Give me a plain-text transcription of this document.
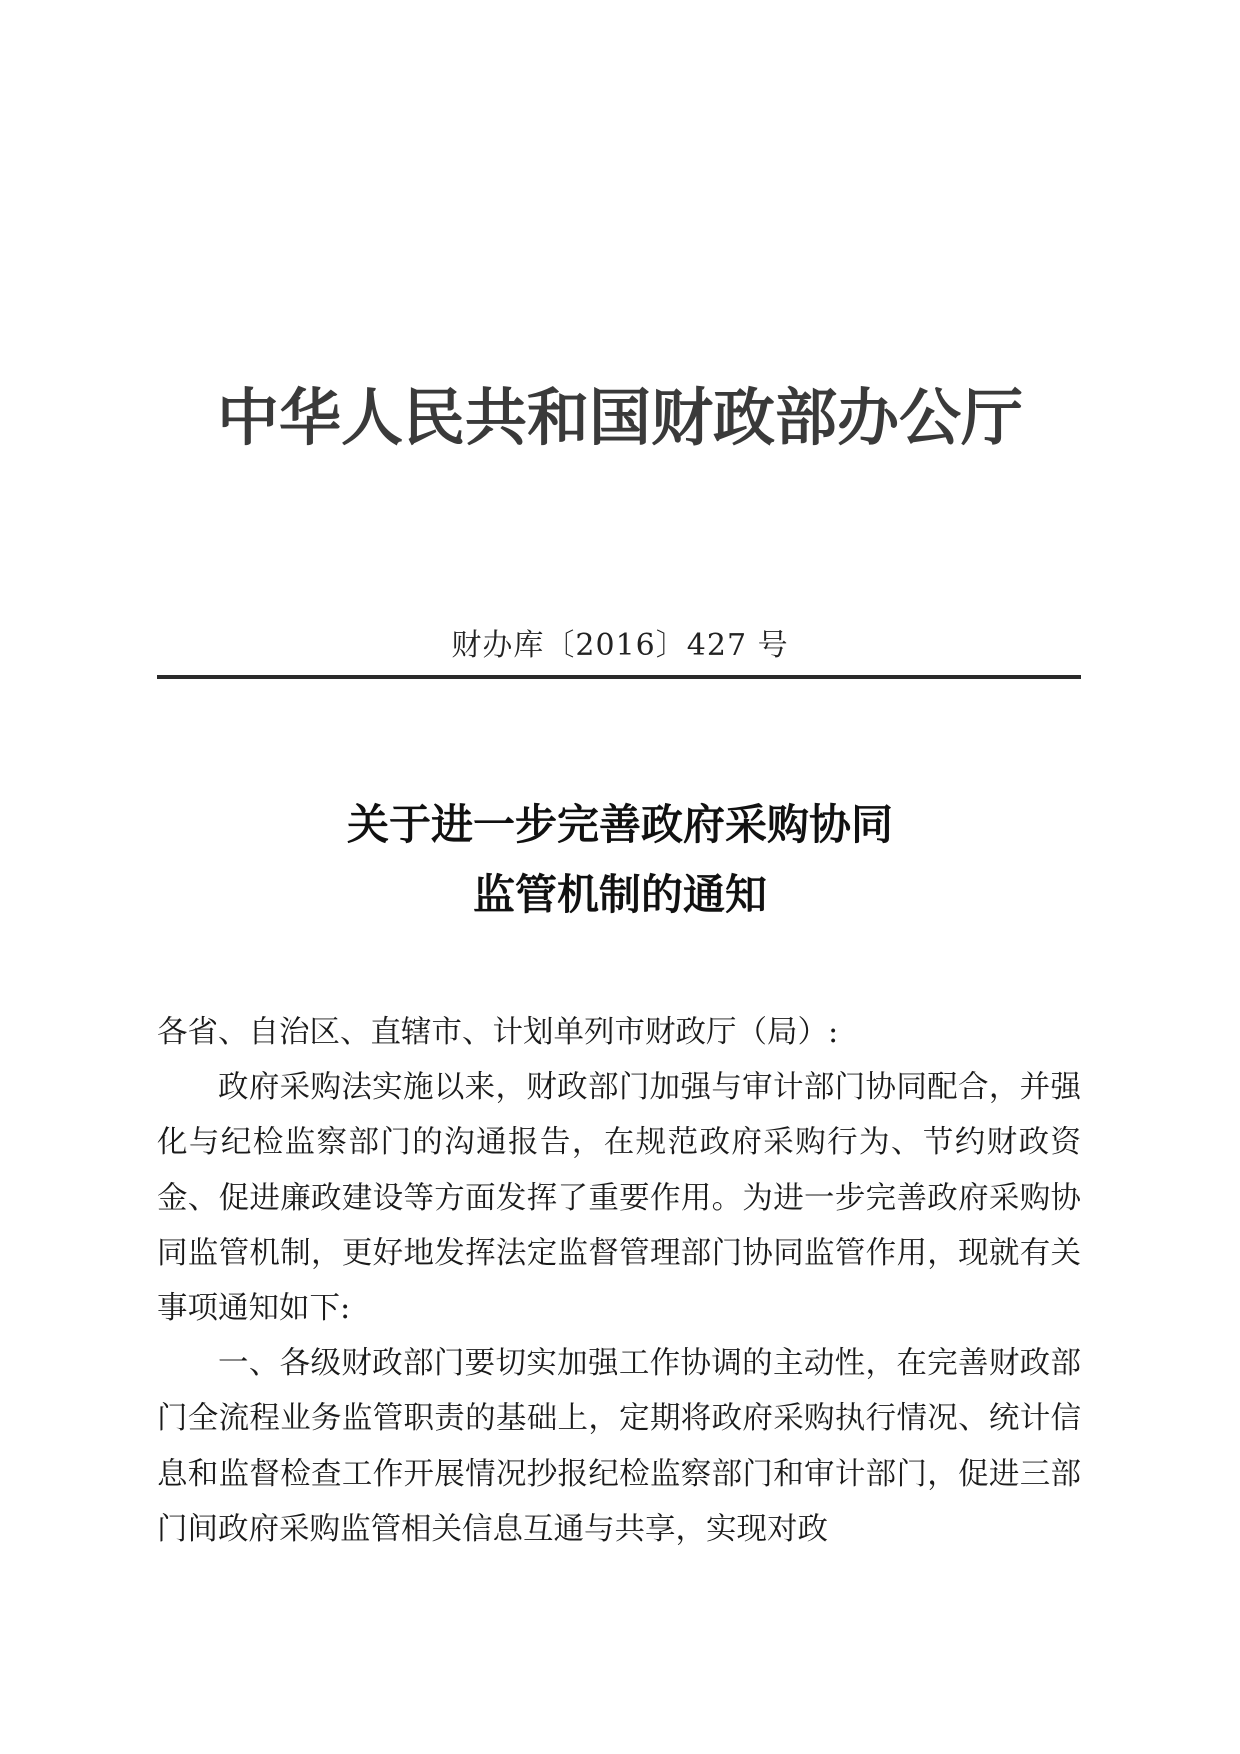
中华人民共和国财政部办公厅
财办库〔2016〕427 号
关于进一步完善政府采购协同
监管机制的通知

各省、自治区、直辖市、计划单列市财政厅（局）:

政府采购法实施以来，财政部门加强与审计部门协同配合，并强化与纪检监察部门的沟通报告，在规范政府采购行为、节约财政资金、促进廉政建设等方面发挥了重要作用。为进一步完善政府采购协同监管机制，更好地发挥法定监督管理部门协同监管作用，现就有关事项通知如下:

一、各级财政部门要切实加强工作协调的主动性，在完善财政部门全流程业务监管职责的基础上，定期将政府采购执行情况、统计信息和监督检查工作开展情况抄报纪检监察部门和审计部门，促进三部门间政府采购监管相关信息互通与共享，实现对政
